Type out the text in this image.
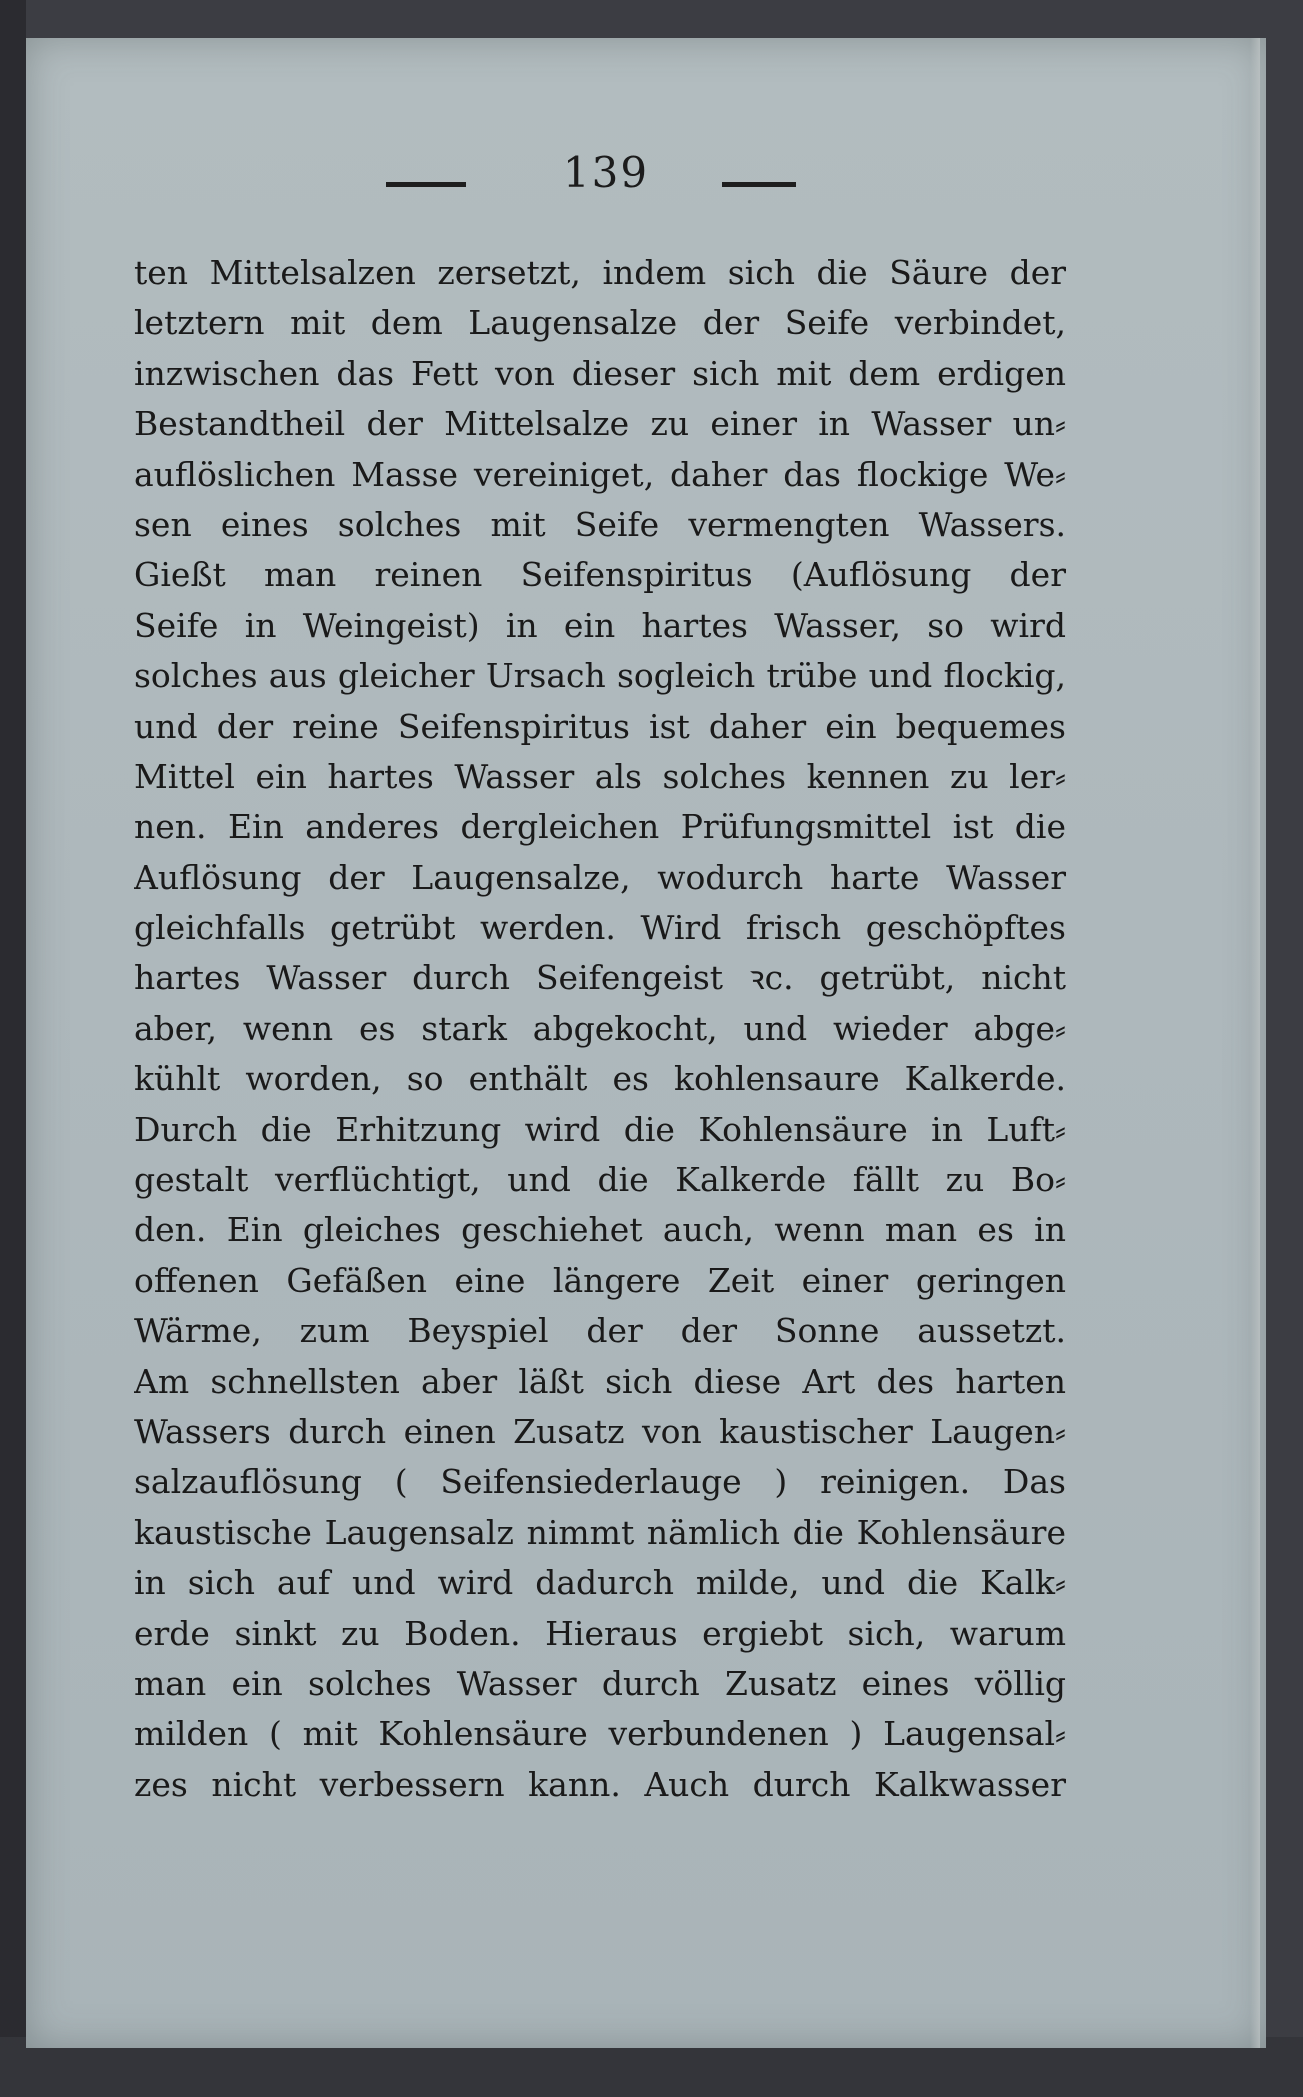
139
ten Mittelsalzen zersetzt, indem sich die Säure der
letztern mit dem Laugensalze der Seife verbindet,
inzwischen das Fett von dieser sich mit dem erdigen
Bestandtheil der Mittelsalze zu einer in Wasser un⸗
auflöslichen Masse vereiniget, daher das flockige We⸗
sen eines solches mit Seife vermengten Wassers.
Gießt man reinen Seifenspiritus (Auflösung der
Seife in Weingeist) in ein hartes Wasser, so wird
solches aus gleicher Ursach sogleich trübe und flockig,
und der reine Seifenspiritus ist daher ein bequemes
Mittel ein hartes Wasser als solches kennen zu ler⸗
nen. Ein anderes dergleichen Prüfungsmittel ist die
Auflösung der Laugensalze, wodurch harte Wasser
gleichfalls getrübt werden. Wird frisch geschöpftes
hartes Wasser durch Seifengeist ꝛc. getrübt, nicht
aber, wenn es stark abgekocht, und wieder abge⸗
kühlt worden, so enthält es kohlensaure Kalkerde.
Durch die Erhitzung wird die Kohlensäure in Luft⸗
gestalt verflüchtigt, und die Kalkerde fällt zu Bo⸗
den. Ein gleiches geschiehet auch, wenn man es in
offenen Gefäßen eine längere Zeit einer geringen
Wärme, zum Beyspiel der der Sonne aussetzt.
Am schnellsten aber läßt sich diese Art des harten
Wassers durch einen Zusatz von kaustischer Laugen⸗
salzauflösung ( Seifensiederlauge ) reinigen. Das
kaustische Laugensalz nimmt nämlich die Kohlensäure
in sich auf und wird dadurch milde, und die Kalk⸗
erde sinkt zu Boden. Hieraus ergiebt sich, warum
man ein solches Wasser durch Zusatz eines völlig
milden ( mit Kohlensäure verbundenen ) Laugensal⸗
zes nicht verbessern kann. Auch durch Kalkwasser
